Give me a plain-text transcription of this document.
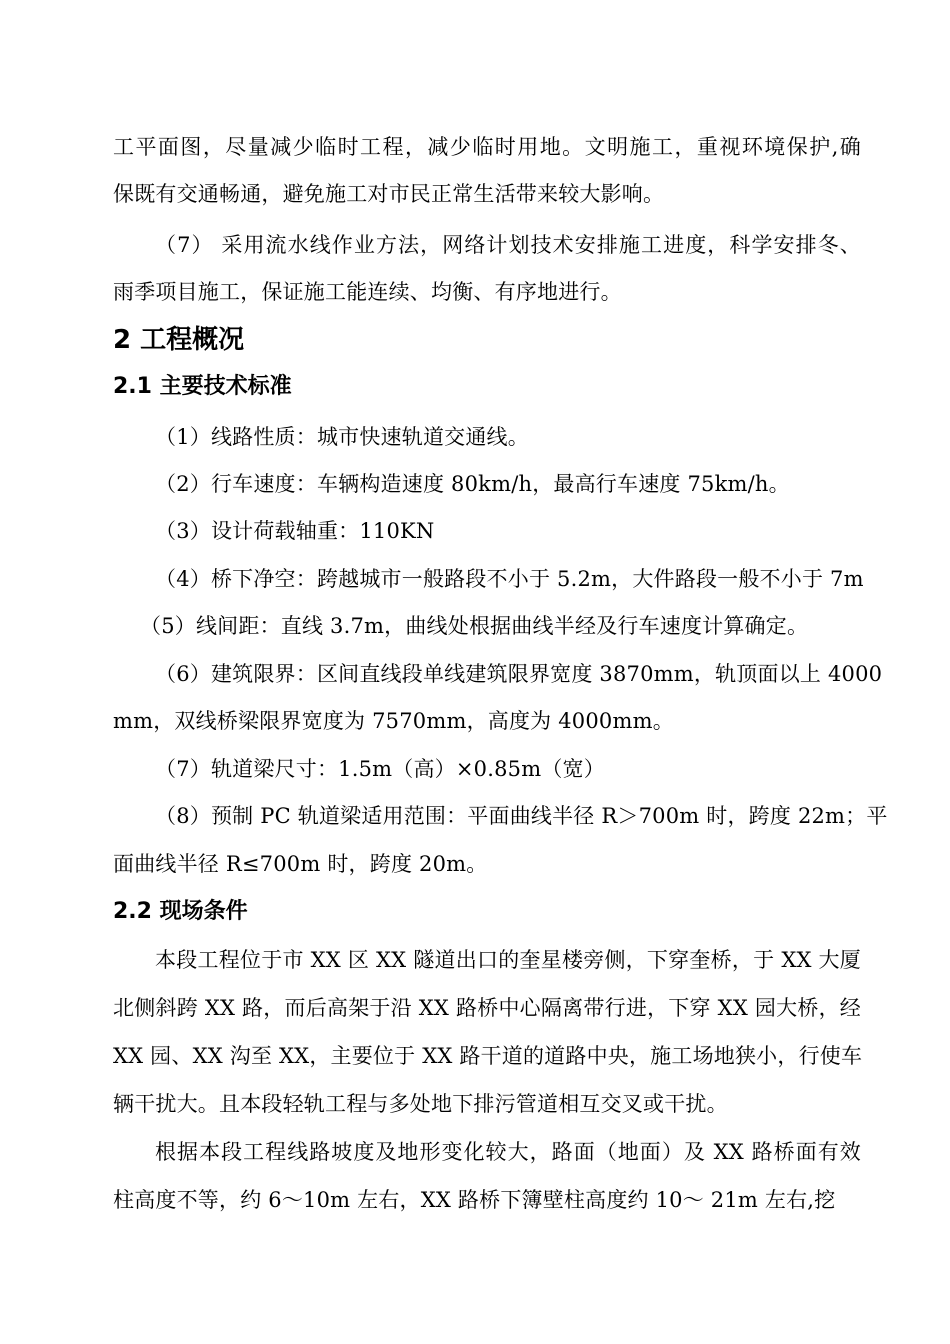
工平面图，尽量减少临时工程，减少临时用地。文明施工，重视环境保护,确
保既有交通畅通，避免施工对市民正常生活带来较大影响。
（7） 采用流水线作业方法，网络计划技术安排施工进度，科学安排冬、
雨季项目施工，保证施工能连续、均衡、有序地进行。
2 工程概况
2.1 主要技术标准
（1）线路性质：城市快速轨道交通线。
（2）行车速度：车辆构造速度 80km/h，最高行车速度 75km/h。
（3）设计荷载轴重：110KN
（4）桥下净空：跨越城市一般路段不小于 5.2m，大件路段一般不小于 7m
（5）线间距：直线 3.7m，曲线处根据曲线半经及行车速度计算确定。
（6）建筑限界：区间直线段单线建筑限界宽度 3870mm，轨顶面以上 4000
mm，双线桥梁限界宽度为 7570mm，高度为 4000mm。
（7）轨道梁尺寸：1.5m（高）×0.85m（宽）
（8）预制 PC 轨道梁适用范围：平面曲线半径 R＞700m 时，跨度 22m；平
面曲线半径 R≤700m 时，跨度 20m。
2.2 现场条件
本段工程位于市 XX 区 XX 隧道出口的奎星楼旁侧，下穿奎桥，于 XX 大厦
北侧斜跨 XX 路，而后高架于沿 XX 路桥中心隔离带行进，下穿 XX 园大桥，经
XX 园、XX 沟至 XX，主要位于 XX 路干道的道路中央，施工场地狭小，行使车
辆干扰大。且本段轻轨工程与多处地下排污管道相互交叉或干扰。
根据本段工程线路坡度及地形变化较大，路面（地面）及 XX 路桥面有效
柱高度不等，约 6～10m 左右，XX 路桥下簿壁柱高度约 10～ 21m 左右,挖
